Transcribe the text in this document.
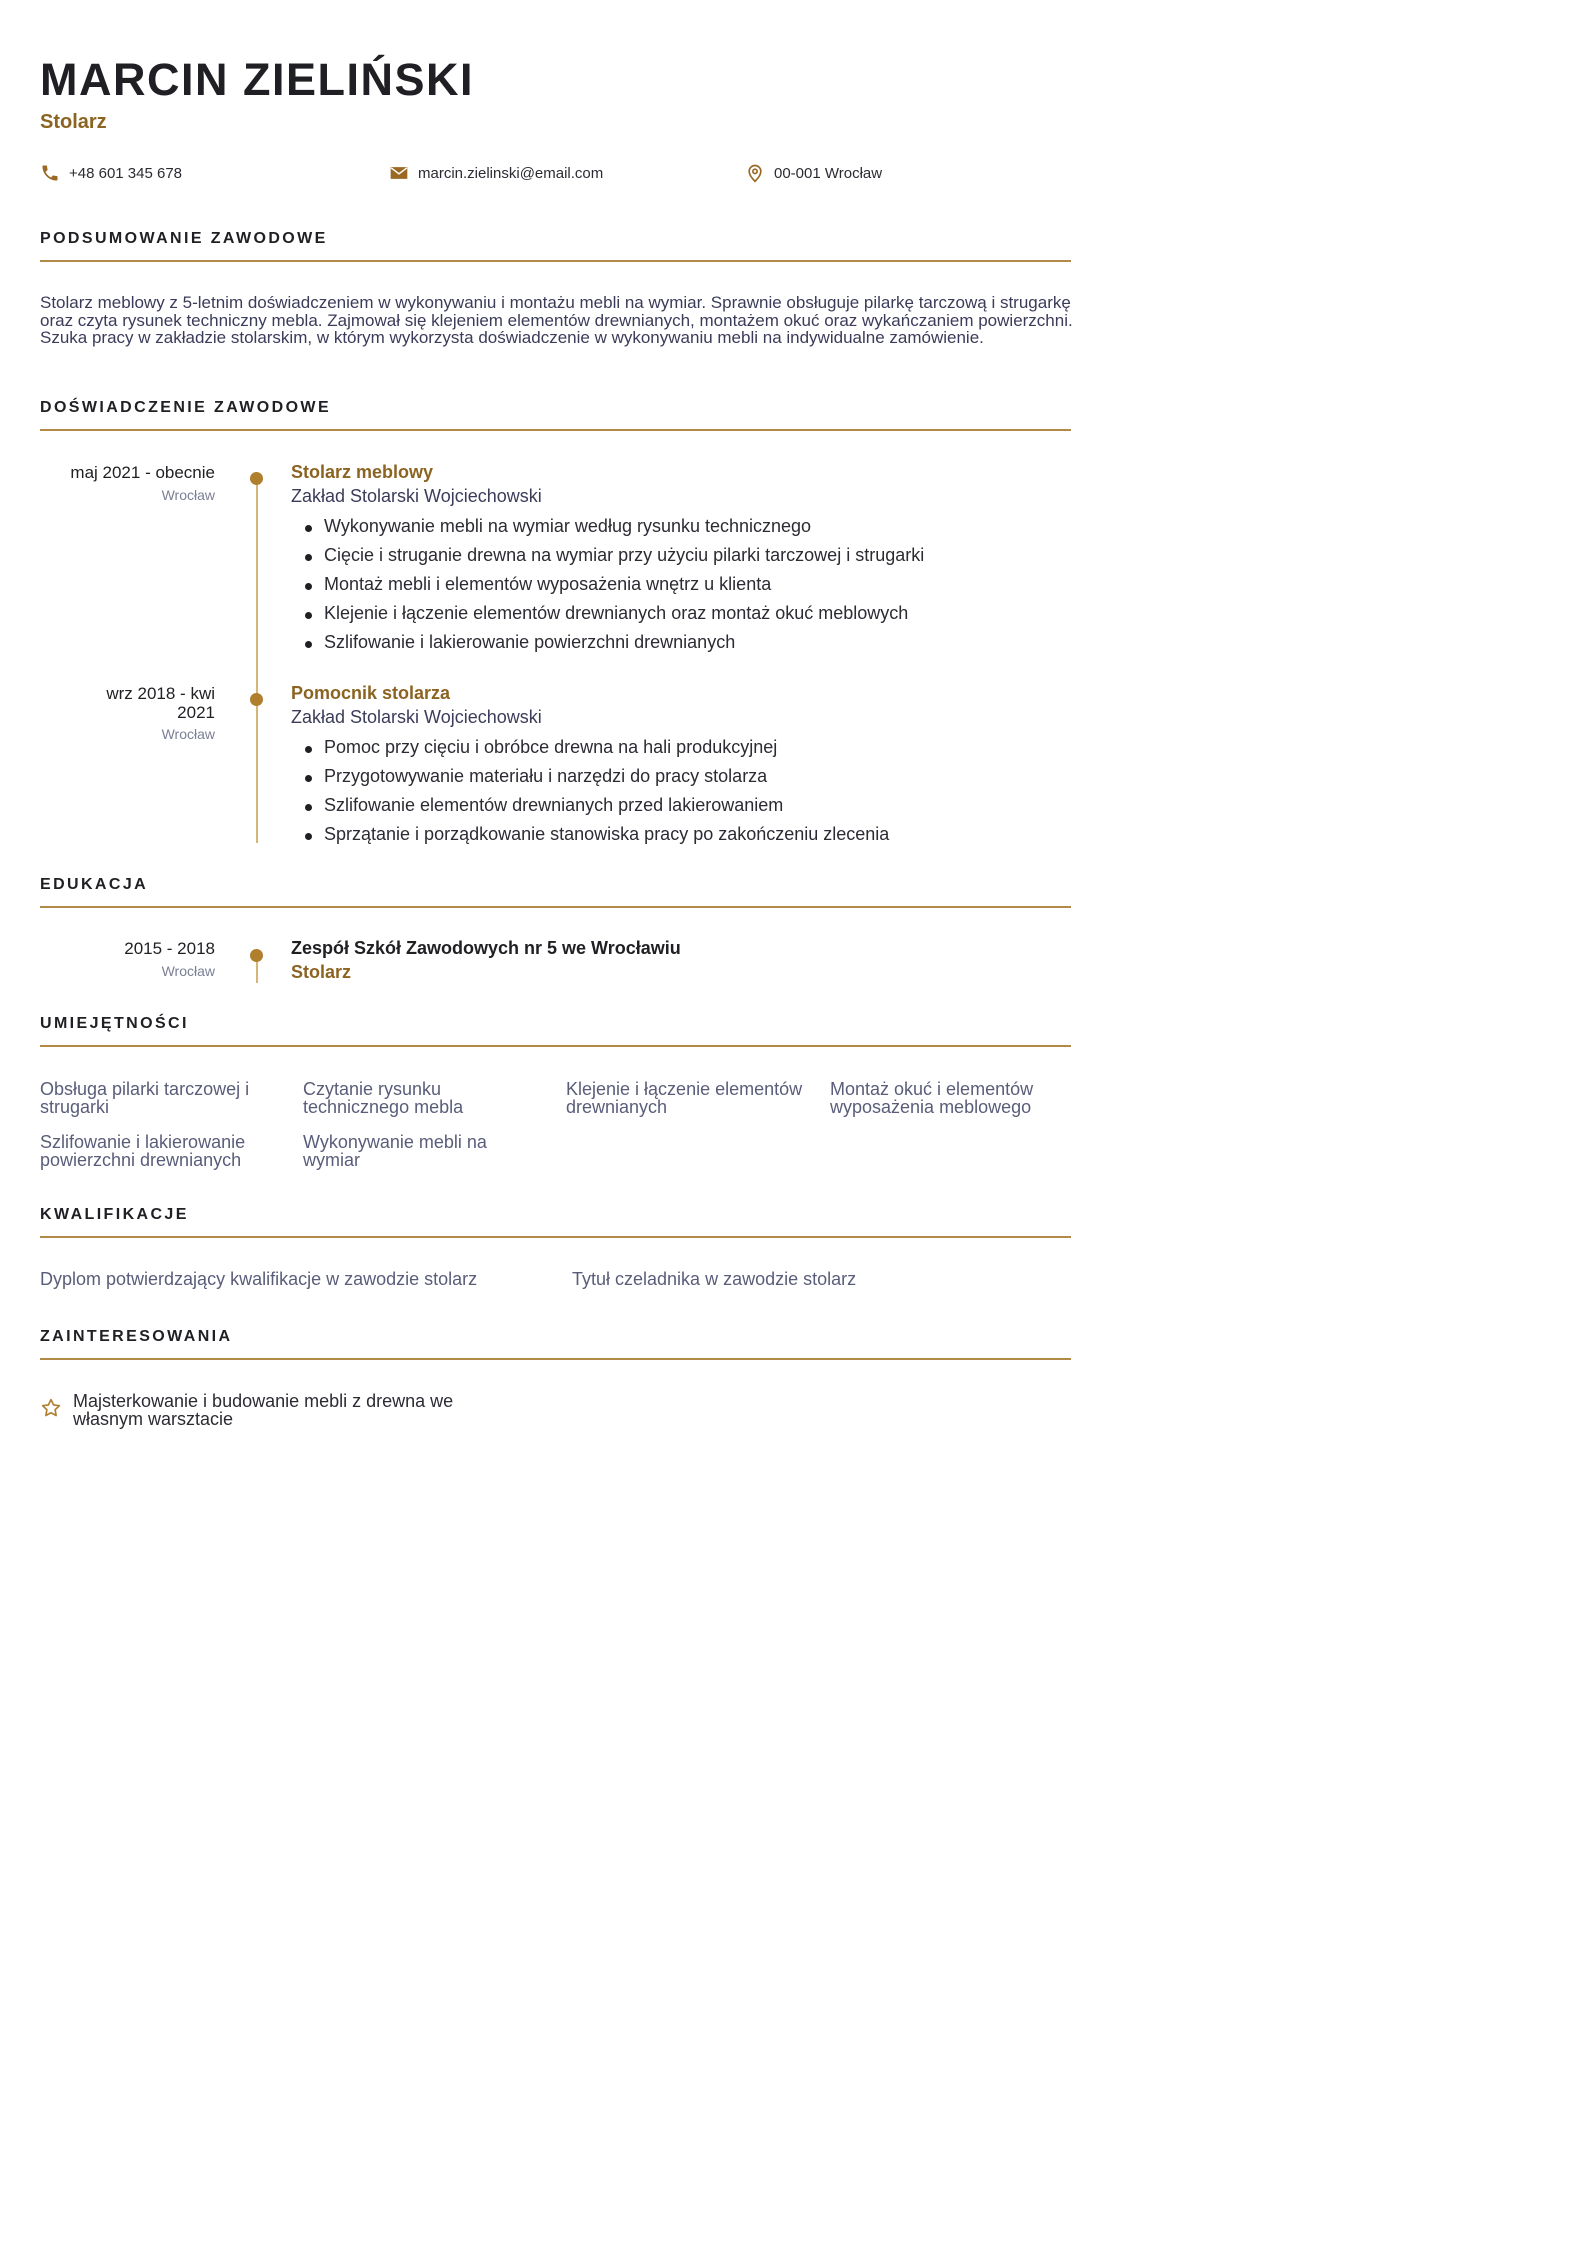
MARCIN ZIELIŃSKI
Stolarz
+48 601 345 678	marcin.zielinski@email.com	00-001 Wrocław
PODSUMOWANIE ZAWODOWE
Stolarz meblowy z 5-letnim doświadczeniem w wykonywaniu i montażu mebli na wymiar. Sprawnie obsługuje pilarkę tarczową i strugarkę oraz czyta rysunek techniczny mebla. Zajmował się klejeniem elementów drewnianych, montażem okuć oraz wykańczaniem powierzchni. Szuka pracy w zakładzie stolarskim, w którym wykorzysta doświadczenie w wykonywaniu mebli na indywidualne zamówienie.
DOŚWIADCZENIE ZAWODOWE
maj 2021 - obecnie
Wrocław
Stolarz meblowy
Zakład Stolarski Wojciechowski
Wykonywanie mebli na wymiar według rysunku technicznego
Cięcie i struganie drewna na wymiar przy użyciu pilarki tarczowej i strugarki
Montaż mebli i elementów wyposażenia wnętrz u klienta
Klejenie i łączenie elementów drewnianych oraz montaż okuć meblowych
Szlifowanie i lakierowanie powierzchni drewnianych
wrz 2018 - kwi 2021
Wrocław
Pomocnik stolarza
Zakład Stolarski Wojciechowski
Pomoc przy cięciu i obróbce drewna na hali produkcyjnej
Przygotowywanie materiału i narzędzi do pracy stolarza
Szlifowanie elementów drewnianych przed lakierowaniem
Sprzątanie i porządkowanie stanowiska pracy po zakończeniu zlecenia
EDUKACJA
2015 - 2018
Wrocław
Zespół Szkół Zawodowych nr 5 we Wrocławiu
Stolarz
UMIEJĘTNOŚCI
Obsługa pilarki tarczowej i strugarki
Czytanie rysunku technicznego mebla
Klejenie i łączenie elementów drewnianych
Montaż okuć i elementów wyposażenia meblowego
Szlifowanie i lakierowanie powierzchni drewnianych
Wykonywanie mebli na wymiar
KWALIFIKACJE
Dyplom potwierdzający kwalifikacje w zawodzie stolarz	Tytuł czeladnika w zawodzie stolarz
ZAINTERESOWANIA
Majsterkowanie i budowanie mebli z drewna we własnym warsztacie
